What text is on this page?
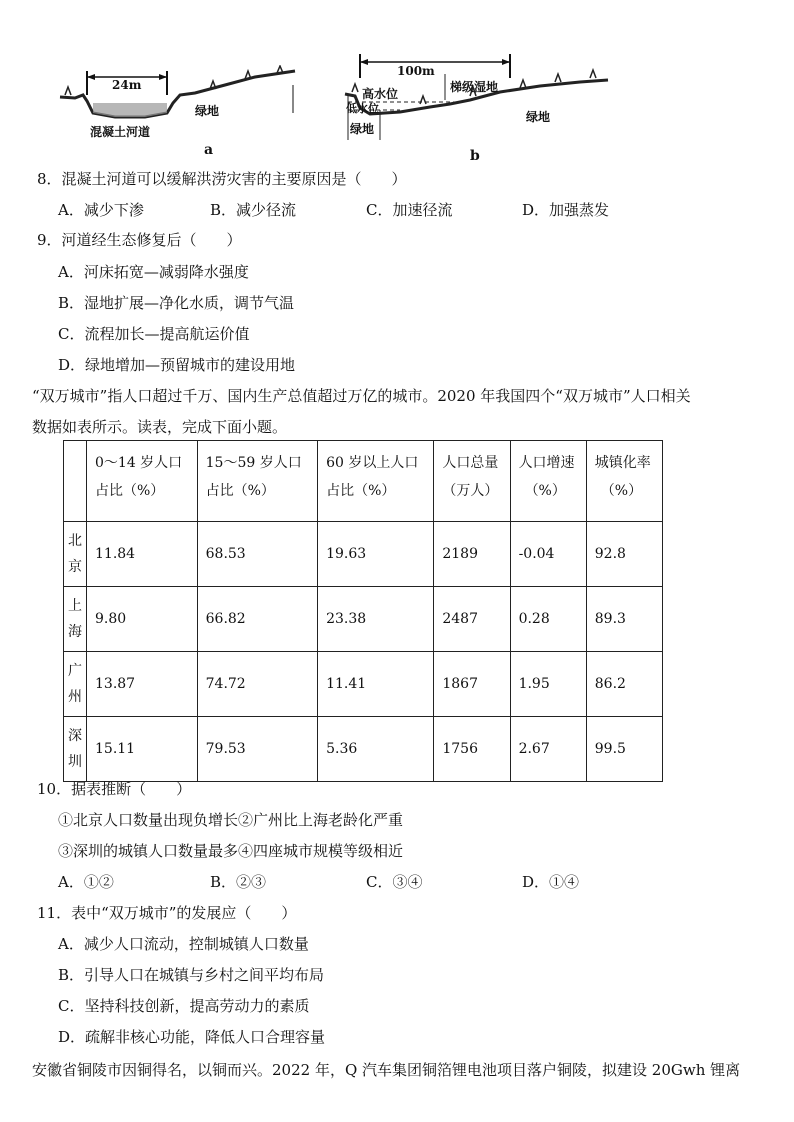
24m
混凝土河道
绿地
a
100m
高水位
低水位
梯级湿地
绿地
绿地
b
8．混凝土河道可以缓解洪涝灾害的主要原因是（　　）
A．减少下渗	B．减少径流	C．加速径流	D．加强蒸发
9．河道经生态修复后（　　）
A．河床拓宽—减弱降水强度
B．湿地扩展—净化水质，调节气温
C．流程加长—提高航运价值
D．绿地增加—预留城市的建设用地
“双万城市”指人口超过千万、国内生产总值超过万亿的城市。2020 年我国四个“双万城市”人口相关
数据如表所示。读表，完成下面小题。
	0～14 岁人口
占比（%）	15～59 岁人口
占比（%）	60 岁以上人口
占比（%）	人口总量
（万人）	人口增速
（%）	城镇化率
（%）
北
京	11.84	68.53	19.63	2189	-0.04	92.8
上
海	9.80	66.82	23.38	2487	0.28	89.3
广
州	13.87	74.72	11.41	1867	1.95	86.2
深
圳	15.11	79.53	5.36	1756	2.67	99.5
10．据表推断（　　）
①北京人口数量出现负增长②广州比上海老龄化严重
③深圳的城镇人口数量最多④四座城市规模等级相近
A．①②	B．②③	C．③④	D．①④
11．表中“双万城市”的发展应（　　）
A．减少人口流动，控制城镇人口数量
B．引导人口在城镇与乡村之间平均布局
C．坚持科技创新，提高劳动力的素质
D．疏解非核心功能，降低人口合理容量
安徽省铜陵市因铜得名，以铜而兴。2022 年，Q 汽车集团铜箔锂电池项目落户铜陵，拟建设 20Gwh 锂离
